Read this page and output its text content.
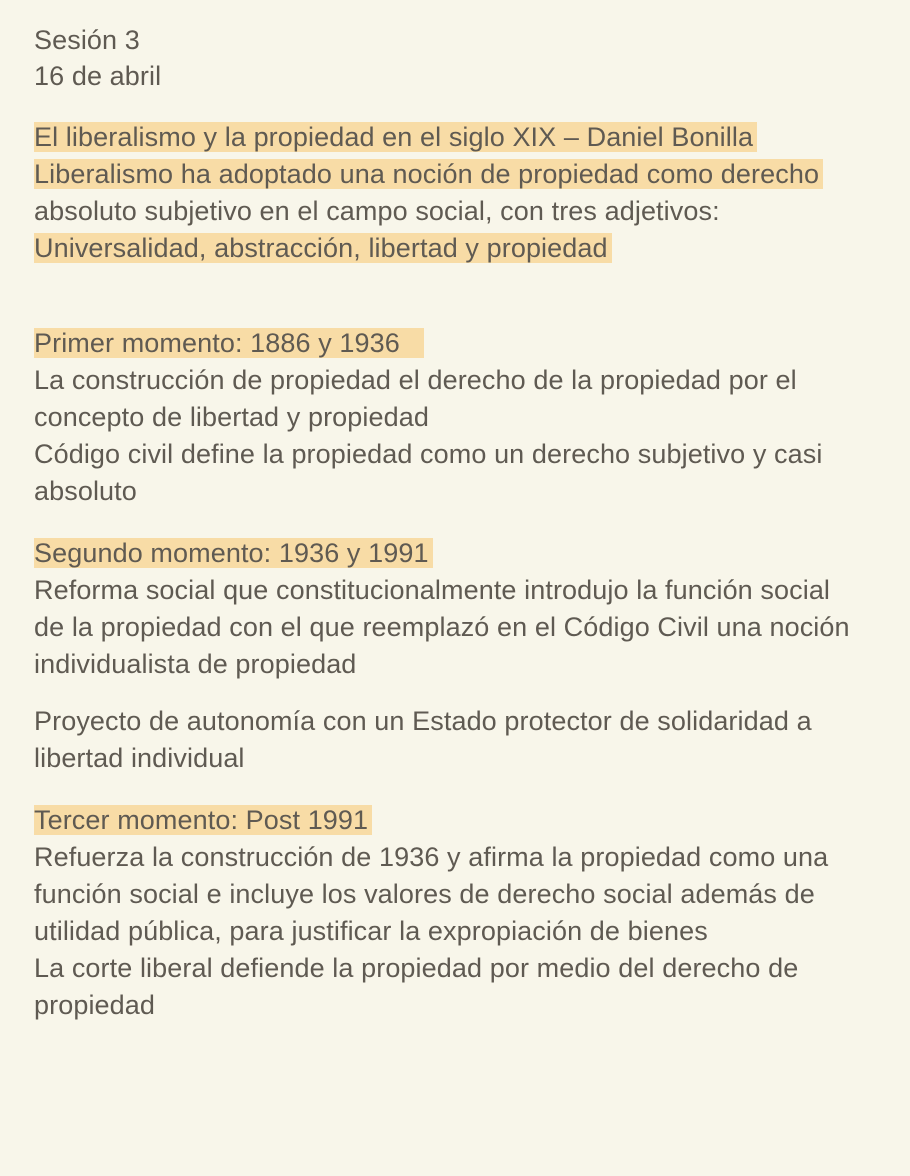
Sesión 3
16 de abril
El liberalismo y la propiedad en el siglo XIX – Daniel Bonilla
Liberalismo ha adoptado una noción de propiedad como derecho
absoluto subjetivo en el campo social, con tres adjetivos:
Universalidad, abstracción, libertad y propiedad
Primer momento: 1886 y 1936
La construcción de propiedad el derecho de la propiedad por el
concepto de libertad y propiedad
Código civil define la propiedad como un derecho subjetivo y casi
absoluto
Segundo momento: 1936 y 1991
Reforma social que constitucionalmente introdujo la función social
de la propiedad con el que reemplazó en el Código Civil una noción
individualista de propiedad
Proyecto de autonomía con un Estado protector de solidaridad a
libertad individual
Tercer momento: Post 1991
Refuerza la construcción de 1936 y afirma la propiedad como una
función social e incluye los valores de derecho social además de
utilidad pública, para justificar la expropiación de bienes
La corte liberal defiende la propiedad por medio del derecho de
propiedad
